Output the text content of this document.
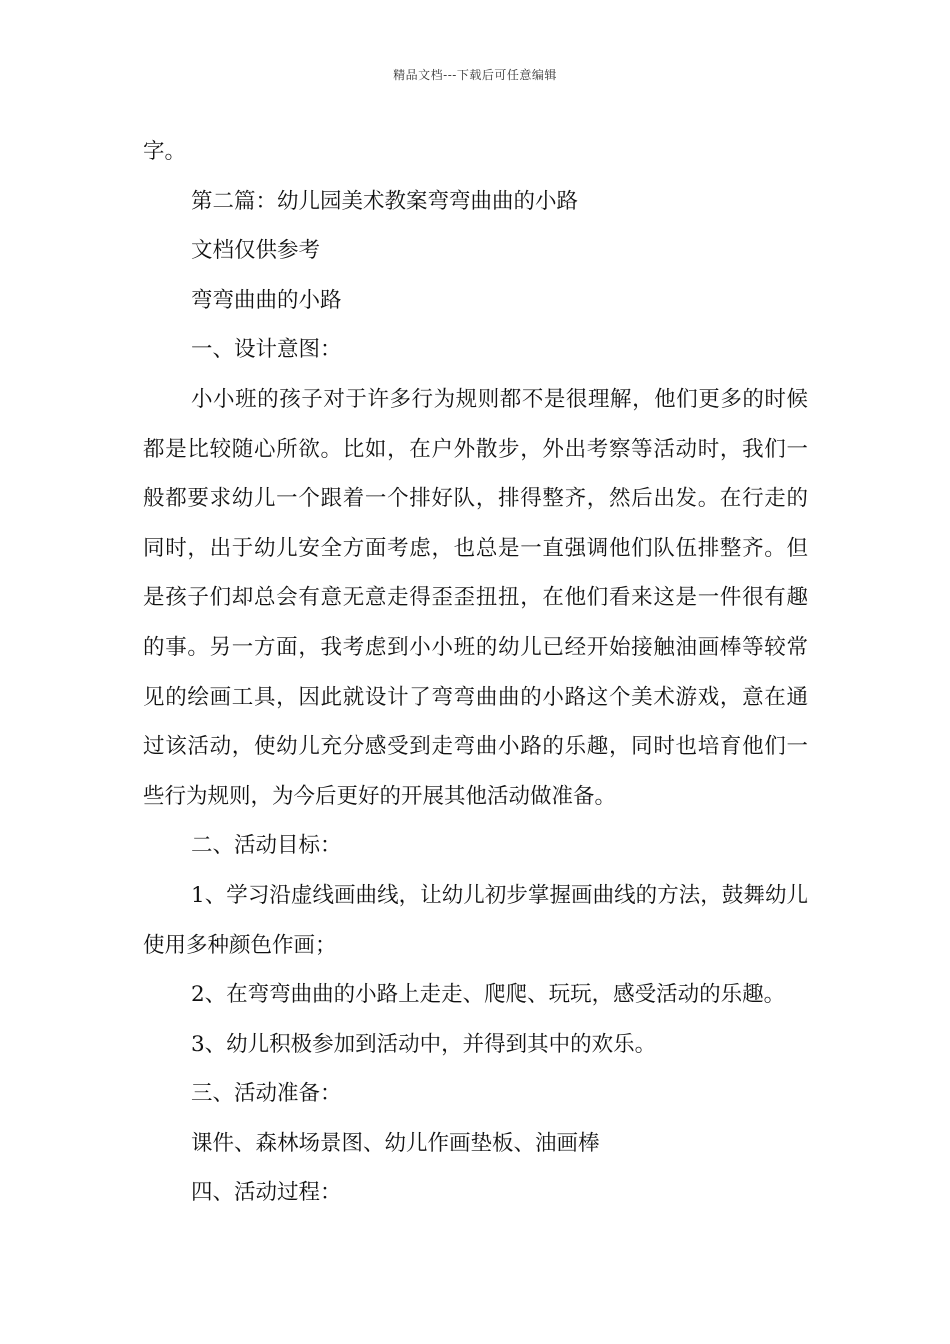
精品文档---下载后可任意编辑

字。

第二篇：幼儿园美术教案弯弯曲曲的小路

文档仅供参考

弯弯曲曲的小路

一、设计意图：

小小班的孩子对于许多行为规则都不是很理解，他们更多的时候都是比较随心所欲。比如，在户外散步，外出考察等活动时，我们一般都要求幼儿一个跟着一个排好队，排得整齐，然后出发。在行走的同时，出于幼儿安全方面考虑，也总是一直强调他们队伍排整齐。但是孩子们却总会有意无意走得歪歪扭扭，在他们看来这是一件很有趣的事。另一方面，我考虑到小小班的幼儿已经开始接触油画棒等较常见的绘画工具，因此就设计了弯弯曲曲的小路这个美术游戏，意在通过该活动，使幼儿充分感受到走弯曲小路的乐趣，同时也培育他们一些行为规则，为今后更好的开展其他活动做准备。

二、活动目标：

1、学习沿虚线画曲线，让幼儿初步掌握画曲线的方法，鼓舞幼儿使用多种颜色作画；

2、在弯弯曲曲的小路上走走、爬爬、玩玩，感受活动的乐趣。

3、幼儿积极参加到活动中，并得到其中的欢乐。

三、活动准备：

课件、森林场景图、幼儿作画垫板、油画棒

四、活动过程：
